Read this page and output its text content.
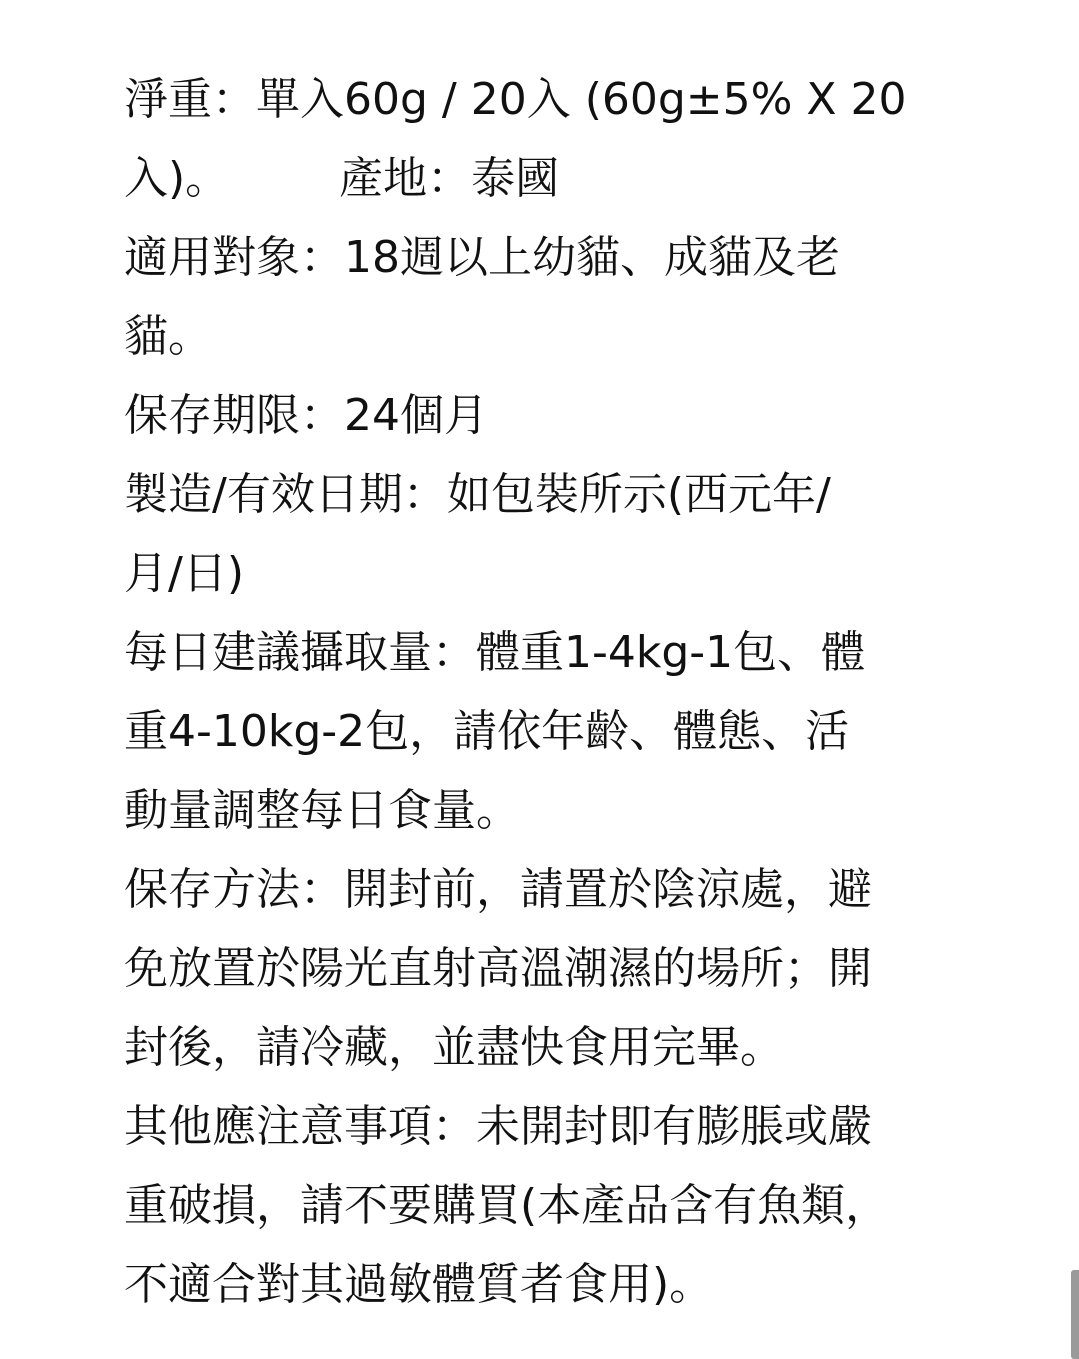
淨重：單入60g / 20入 (60g±5% X 20
入)。	產地：泰國
適用對象：18週以上幼貓、成貓及老
貓。
保存期限：24個月
製造/有效日期：如包裝所示(西元年/
月/日)
每日建議攝取量：體重1-4kg-1包、體
重4-10kg-2包，請依年齡、體態、活
動量調整每日食量。
保存方法：開封前，請置於陰涼處，避
免放置於陽光直射高溫潮濕的場所；開
封後，請冷藏，並盡快食用完畢。
其他應注意事項：未開封即有膨脹或嚴
重破損，請不要購買(本產品含有魚類，
不適合對其過敏體質者食用)。
